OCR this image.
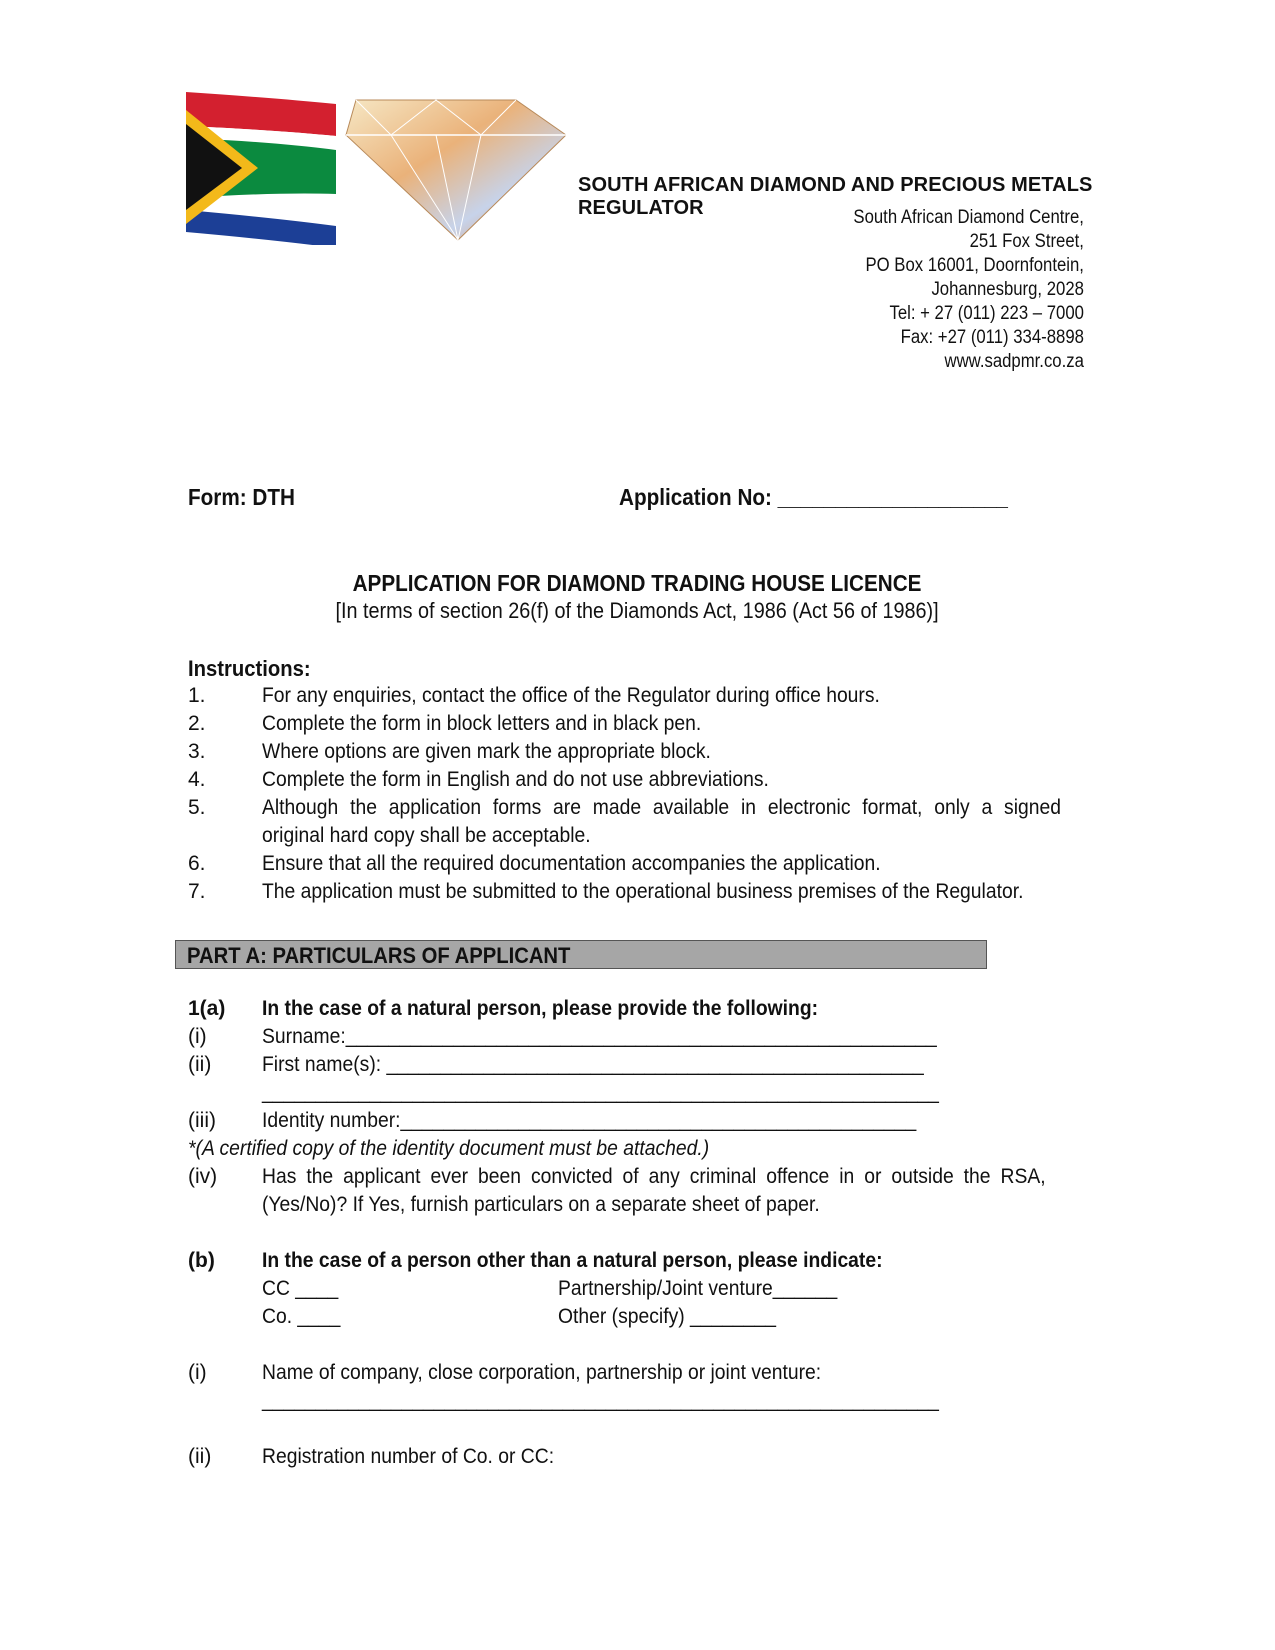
SOUTH AFRICAN DIAMOND AND PRECIOUS METALS
REGULATOR	South African Diamond Centre,
251 Fox Street,
PO Box 16001, Doornfontein,
Johannesburg, 2028
Tel: + 27 (011) 223 – 7000
Fax: +27 (011) 334-8898
www.sadpmr.co.za
Form: DTH	Application No: ____________________
APPLICATION FOR DIAMOND TRADING HOUSE LICENCE
[In terms of section 26(f) of the Diamonds Act, 1986 (Act 56 of 1986)]
Instructions:
1.	For any enquiries, contact the office of the Regulator during office hours.
2.	Complete the form in block letters and in black pen.
3.	Where options are given mark the appropriate block.
4.	Complete the form in English and do not use abbreviations.
5.	Although the application forms are made available in electronic format, only a signed
original hard copy shall be acceptable.
6.	Ensure that all the required documentation accompanies the application.
7.	The application must be submitted to the operational business premises of the Regulator.
PART A: PARTICULARS OF APPLICANT
1(a) In the case of a natural person, please provide the following:
(i)	Surname:_______________________________________________________
(ii) First name(s): __________________________________________________
_______________________________________________________________
(iii) Identity number:________________________________________________
*(A certified copy of the identity document must be attached.)
(iv) Has the applicant ever been convicted of any criminal offence in or outside the RSA,
(Yes/No)? If Yes, furnish particulars on a separate sheet of paper.
(b) In the case of a person other than a natural person, please indicate:
CC ____	Partnership/Joint venture______
Co. ____	Other (specify) ________
(i)	Name of company, close corporation, partnership or joint venture:
_______________________________________________________________
(ii) Registration number of Co. or CC:
